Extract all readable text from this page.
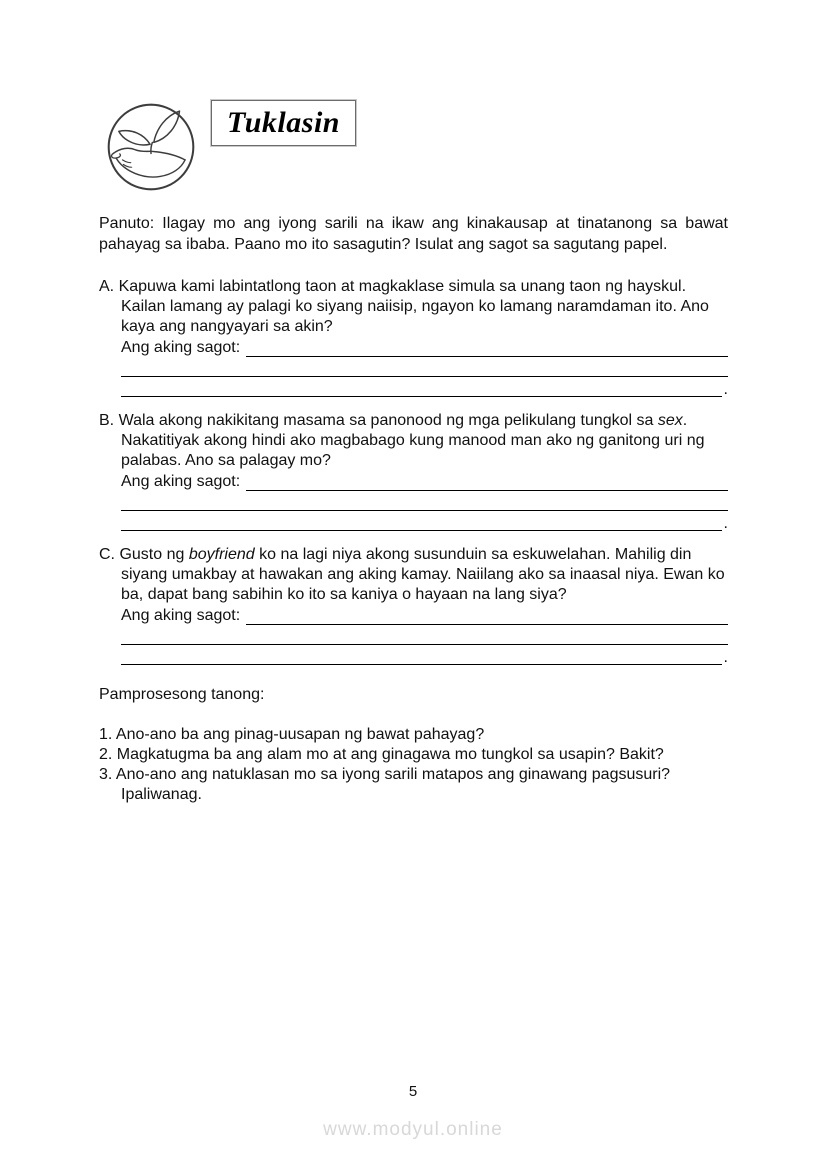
Tuklasin

Panuto: Ilagay mo ang iyong sarili na ikaw ang kinakausap at tinatanong sa bawat pahayag sa ibaba. Paano mo ito sasagutin? Isulat ang sagot sa sagutang papel.

A. Kapuwa kami labintatlong taon at magkaklase simula sa unang taon ng hayskul. Kailan lamang ay palagi ko siyang naiisip, ngayon ko lamang naramdaman ito. Ano kaya ang nangyayari sa akin?

Ang aking sagot:
.

B. Wala akong nakikitang masama sa panonood ng mga pelikulang tungkol sa sex. Nakatitiyak akong hindi ako magbabago kung manood man ako ng ganitong uri ng palabas. Ano sa palagay mo?

Ang aking sagot:
.

C. Gusto ng boyfriend ko na lagi niya akong susunduin sa eskuwelahan. Mahilig din siyang umakbay at hawakan ang aking kamay. Naiilang ako sa inaasal niya. Ewan ko ba, dapat bang sabihin ko ito sa kaniya o hayaan na lang siya?

Ang aking sagot:
.

Pamprosesong tanong:

1. Ano-ano ba ang pinag-uusapan ng bawat pahayag?

2. Magkatugma ba ang alam mo at ang ginagawa mo tungkol sa usapin? Bakit?

3. Ano-ano ang natuklasan mo sa iyong sarili matapos ang ginawang pagsusuri? Ipaliwanag.

5
www.modyul.online
